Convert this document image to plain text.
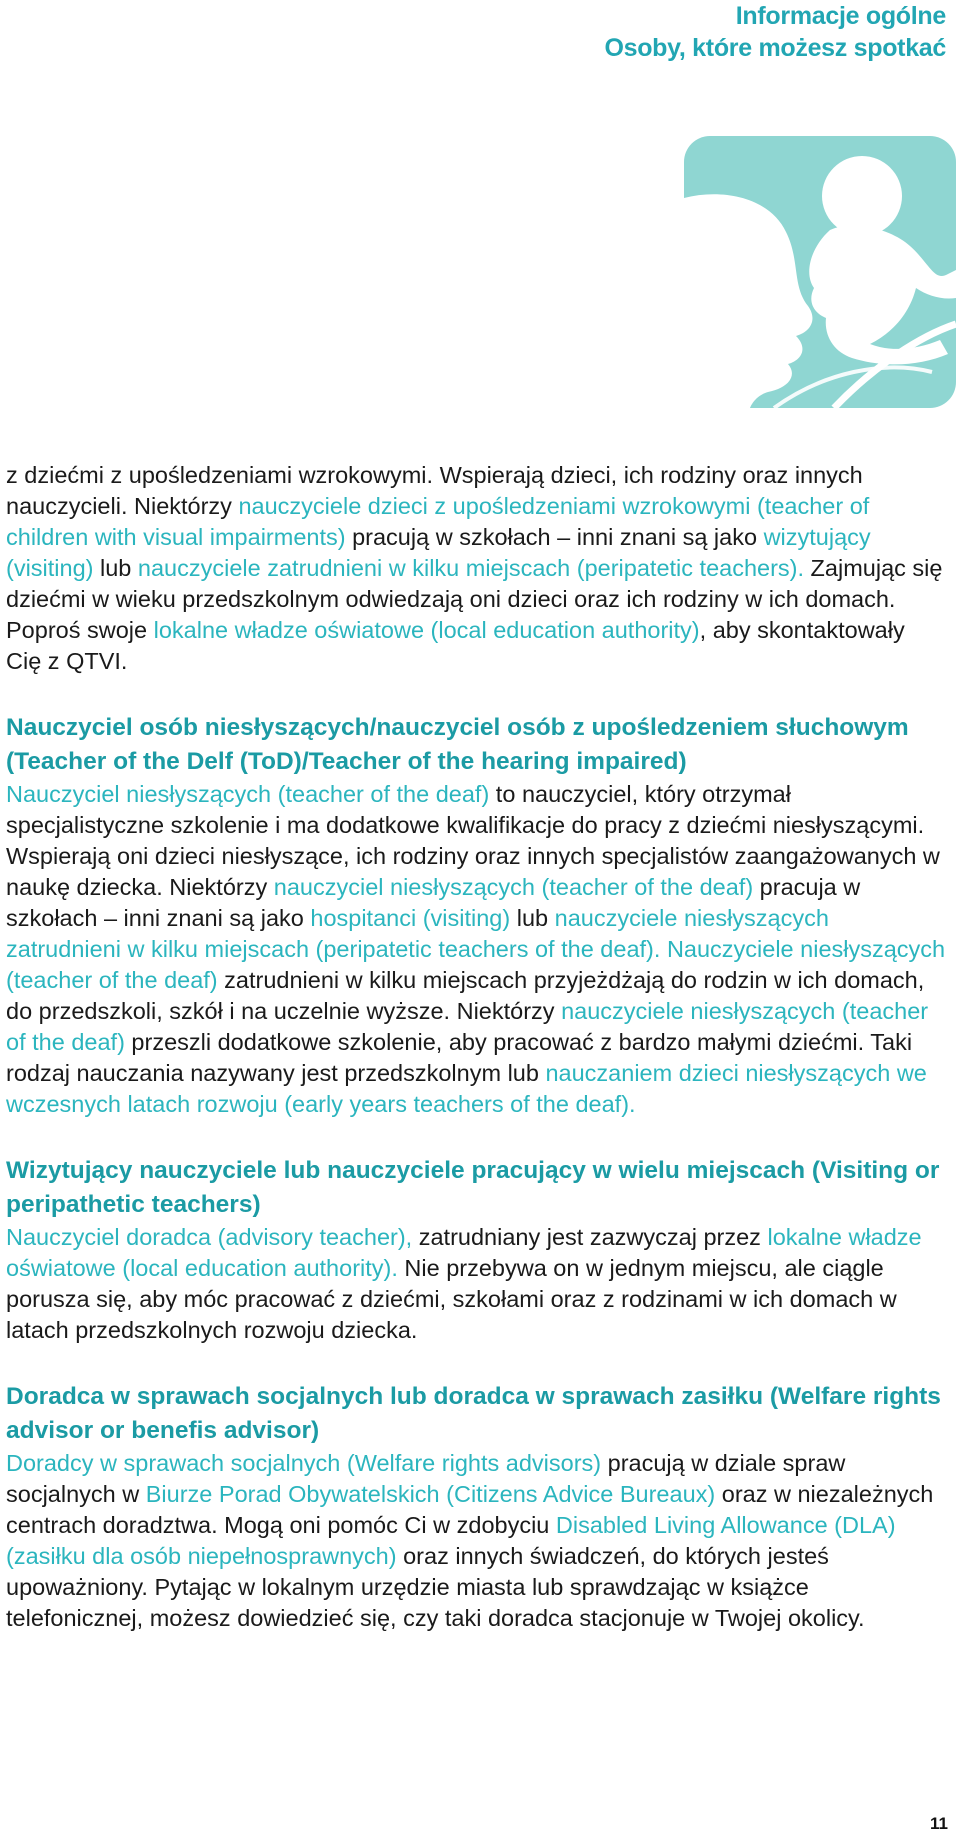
Informacje ogólne
Osoby, które możesz spotkać

z dziećmi z upośledzeniami wzrokowymi. Wspierają dzieci, ich rodziny oraz innych nauczycieli. Niektórzy nauczyciele dzieci z upośledzeniami wzrokowymi (teacher of children with visual impairments) pracują w szkołach – inni znani są jako wizytujący (visiting) lub nauczyciele zatrudnieni w kilku miejscach (peripatetic teachers). Zajmując się dziećmi w wieku przedszkolnym odwiedzają oni dzieci oraz ich rodziny w ich domach. Poproś swoje lokalne władze oświatowe (local education authority), aby skontaktowały Cię z QTVI.

Nauczyciel osób niesłyszących/nauczyciel osób z upośledzeniem słuchowym (Teacher of the Delf (ToD)/Teacher of the hearing impaired)

Nauczyciel niesłyszących (teacher of the deaf) to nauczyciel, który otrzymał specjalistyczne szkolenie i ma dodatkowe kwalifikacje do pracy z dziećmi niesłyszącymi. Wspierają oni dzieci niesłyszące, ich rodziny oraz innych specjalistów zaangażowanych w naukę dziecka. Niektórzy nauczyciel niesłyszących (teacher of the deaf) pracuja w szkołach – inni znani są jako hospitanci (visiting) lub nauczyciele niesłyszących zatrudnieni w kilku miejscach (peripatetic teachers of the deaf). Nauczyciele niesłyszących (teacher of the deaf) zatrudnieni w kilku miejscach przyjeżdżają do rodzin w ich domach, do przedszkoli, szkół i na uczelnie wyższe. Niektórzy nauczyciele niesłyszących (teacher of the deaf) przeszli dodatkowe szkolenie, aby pracować z bardzo małymi dziećmi. Taki rodzaj nauczania nazywany jest przedszkolnym lub nauczaniem dzieci niesłyszących we wczesnych latach rozwoju (early years teachers of the deaf).

Wizytujący nauczyciele lub nauczyciele pracujący w wielu miejscach (Visiting or peripathetic teachers)

Nauczyciel doradca (advisory teacher), zatrudniany jest zazwyczaj przez lokalne władze oświatowe (local education authority). Nie przebywa on w jednym miejscu, ale ciągle porusza się, aby móc pracować z dziećmi, szkołami oraz z rodzinami w ich domach w latach przedszkolnych rozwoju dziecka.

Doradca w sprawach socjalnych lub doradca w sprawach zasiłku (Welfare rights advisor or benefis advisor)

Doradcy w sprawach socjalnych (Welfare rights advisors) pracują w dziale spraw socjalnych w Biurze Porad Obywatelskich (Citizens Advice Bureaux) oraz w niezależnych centrach doradztwa. Mogą oni pomóc Ci w zdobyciu Disabled Living Allowance (DLA) (zasiłku dla osób niepełnosprawnych) oraz innych świadczeń, do których jesteś upoważniony. Pytając w lokalnym urzędzie miasta lub sprawdzając w książce telefonicznej, możesz dowiedzieć się, czy taki doradca stacjonuje w Twojej okolicy.

11
